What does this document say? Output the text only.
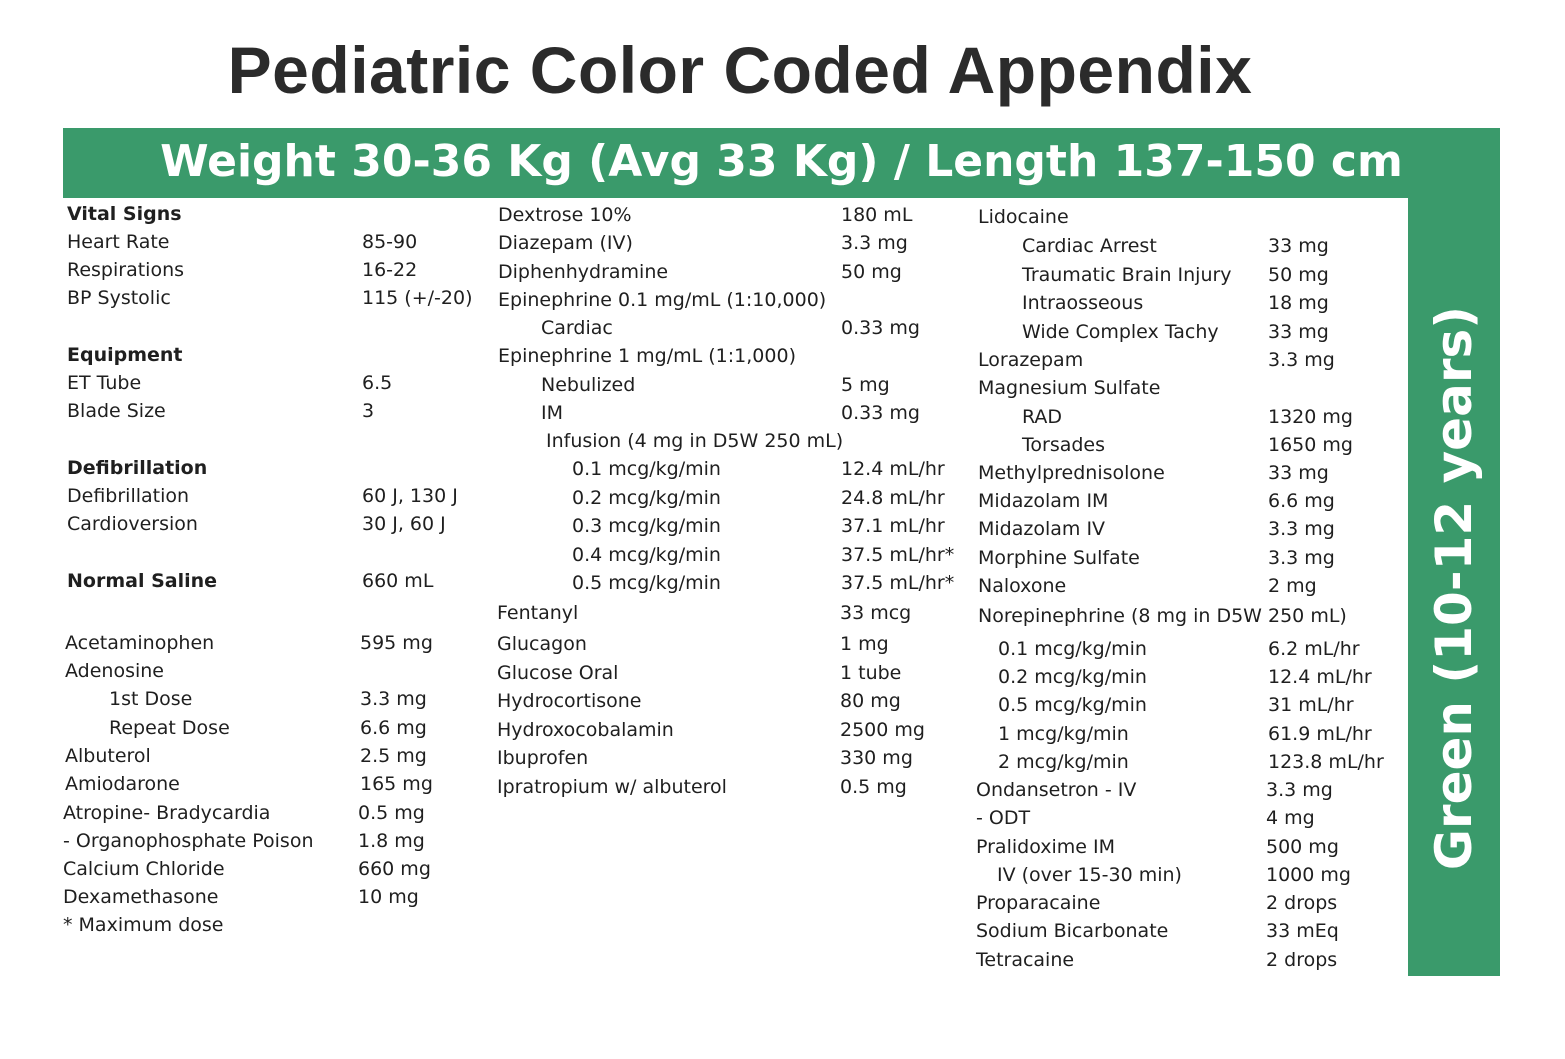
Pediatric Color Coded Appendix
Weight 30-36 Kg (Avg 33 Kg) / Length 137-150 cm
Green (10-12 years)
Vital Signs
Heart Rate	85-90
Respirations	16-22
BP Systolic	115 (+/-20)
Equipment
ET Tube	6.5
Blade Size	3
Defibrillation
Defibrillation	60 J, 130 J
Cardioversion	30 J, 60 J
Normal Saline	660 mL
Acetaminophen	595 mg
Adenosine
1st Dose	3.3 mg
Repeat Dose	6.6 mg
Albuterol	2.5 mg
Amiodarone	165 mg
Atropine- Bradycardia	0.5 mg
- Organophosphate Poison 1.8 mg
Calcium Chloride	660 mg
Dexamethasone	10 mg
* Maximum dose
Dextrose 10%	180 mL
Diazepam (IV)	3.3 mg
Diphenhydramine	50 mg
Epinephrine 0.1 mg/mL (1:10,000)
Cardiac	0.33 mg
Epinephrine 1 mg/mL (1:1,000)
Nebulized	5 mg
IM	0.33 mg
Infusion (4 mg in D5W 250 mL)
0.1 mcg/kg/min	12.4 mL/hr
0.2 mcg/kg/min	24.8 mL/hr
0.3 mcg/kg/min	37.1 mL/hr
0.4 mcg/kg/min	37.5 mL/hr*
0.5 mcg/kg/min	37.5 mL/hr*
Fentanyl	33 mcg
Glucagon	1 mg
Glucose Oral	1 tube
Hydrocortisone	80 mg
Hydroxocobalamin	2500 mg
Ibuprofen	330 mg
Ipratropium w/ albuterol	0.5 mg
Lidocaine
Cardiac Arrest	33 mg
Traumatic Brain Injury 50 mg
Intraosseous	18 mg
Wide Complex Tachy	33 mg
Lorazepam	3.3 mg
Magnesium Sulfate
RAD	1320 mg
Torsades	1650 mg
Methylprednisolone	33 mg
Midazolam IM	6.6 mg
Midazolam IV	3.3 mg
Morphine Sulfate	3.3 mg
Naloxone	2 mg
Norepinephrine (8 mg in D5W 250 mL)
0.1 mcg/kg/min	6.2 mL/hr
0.2 mcg/kg/min	12.4 mL/hr
0.5 mcg/kg/min	31 mL/hr
1 mcg/kg/min	61.9 mL/hr
2 mcg/kg/min	123.8 mL/hr
Ondansetron - IV	3.3 mg
- ODT	4 mg
Pralidoxime IM	500 mg
IV (over 15-30 min)	1000 mg
Proparacaine	2 drops
Sodium Bicarbonate	33 mEq
Tetracaine	2 drops
